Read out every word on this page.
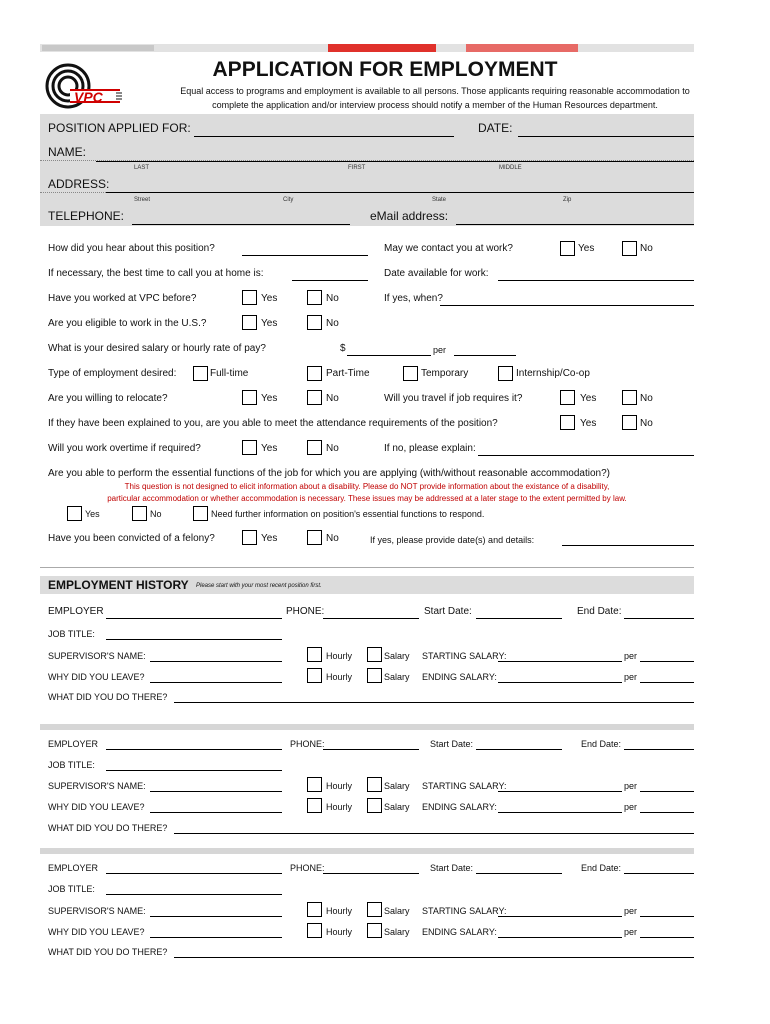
VPC
APPLICATION FOR EMPLOYMENT
Equal access to programs and employment is available to all persons. Those applicants requiring reasonable accommodation to
complete the application and/or interview process should notify a member of the Human Resources department.
POSITION APPLIED FOR:	DATE:
NAME:
LAST	FIRST	MIDDLE
ADDRESS:
Street	City	State	Zip
TELEPHONE:	eMail address:
How did you hear about this position?	May we contact you at work?	Yes	No
If necessary, the best time to call you at home is:	Date available for work:
Have you worked at VPC before?	Yes	No	If yes, when?
Are you eligible to work in the U.S.?	Yes	No
What is your desired salary or hourly rate of pay?	$	per
Type of employment desired:	Full-time	Part-Time	Temporary	Internship/Co-op
Are you willing to relocate?	Yes	No	Will you travel if job requires it?	Yes	No
If they have been explained to you, are you able to meet the attendance requirements of the position?	Yes	No
Will you work overtime if required?	Yes	No	If no, please explain:
Are you able to perform the essential functions of the job for which you are applying (with/without reasonable accommodation?)
This question is not designed to elicit information about a disability. Please do NOT provide information about the existance of a disability,
particular accommodation or whether accommodation is necessary. These issues may be addressed at a later stage to the extent permitted by law.
Yes	No	Need further information on position's essential functions to respond.
Have you been convicted of a felony?	Yes	No	If yes, please provide date(s) and details:
EMPLOYMENT HISTORY Please start with your most recent position first.
EMPLOYER	PHONE:	Start Date:	End Date:
JOB TITLE:
SUPERVISOR'S NAME:	Hourly	Salary STARTING SALARY:	per
WHY DID YOU LEAVE?	Hourly	Salary ENDING SALARY:	per
WHAT DID YOU DO THERE?
EMPLOYER	PHONE:	Start Date:	End Date:
JOB TITLE:
SUPERVISOR'S NAME:	Hourly	Salary STARTING SALARY:	per
WHY DID YOU LEAVE?	Hourly	Salary ENDING SALARY:	per
WHAT DID YOU DO THERE?
EMPLOYER	PHONE:	Start Date:	End Date:
JOB TITLE:
SUPERVISOR'S NAME:	Hourly	Salary STARTING SALARY:	per
WHY DID YOU LEAVE?	Hourly	Salary ENDING SALARY:	per
WHAT DID YOU DO THERE?
